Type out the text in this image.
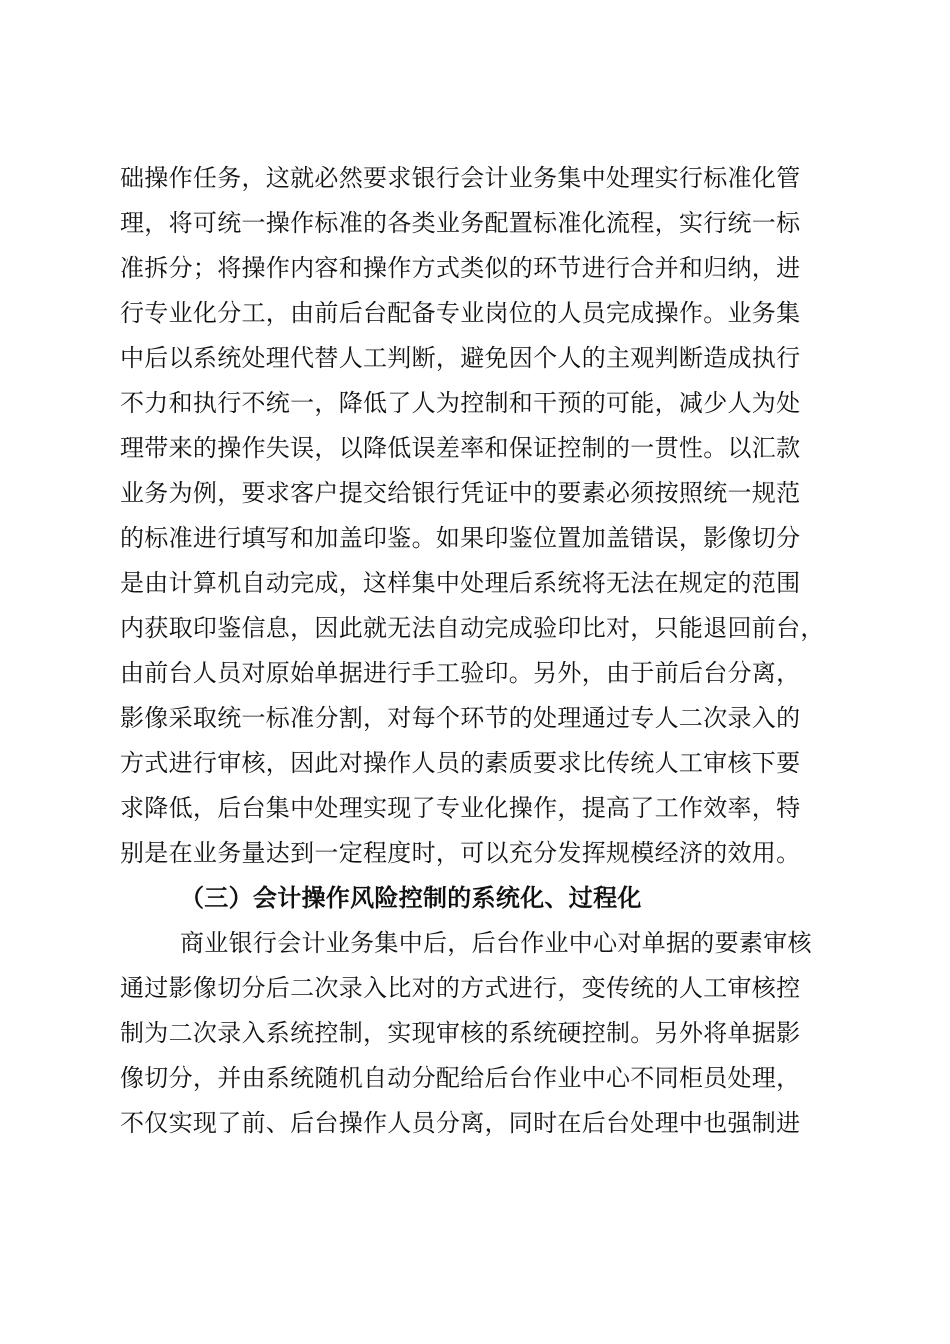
础操作任务，这就必然要求银行会计业务集中处理实行标准化管
理，将可统一操作标准的各类业务配置标准化流程，实行统一标
准拆分；将操作内容和操作方式类似的环节进行合并和归纳，进
行专业化分工，由前后台配备专业岗位的人员完成操作。业务集
中后以系统处理代替人工判断，避免因个人的主观判断造成执行
不力和执行不统一，降低了人为控制和干预的可能，减少人为处
理带来的操作失误，以降低误差率和保证控制的一贯性。以汇款
业务为例，要求客户提交给银行凭证中的要素必须按照统一规范
的标准进行填写和加盖印鉴。如果印鉴位置加盖错误，影像切分
是由计算机自动完成，这样集中处理后系统将无法在规定的范围
内获取印鉴信息，因此就无法自动完成验印比对，只能退回前台，
由前台人员对原始单据进行手工验印。另外，由于前后台分离，
影像采取统一标准分割，对每个环节的处理通过专人二次录入的
方式进行审核，因此对操作人员的素质要求比传统人工审核下要
求降低，后台集中处理实现了专业化操作，提高了工作效率，特
别是在业务量达到一定程度时，可以充分发挥规模经济的效用。
（三）会计操作风险控制的系统化、过程化
商业银行会计业务集中后，后台作业中心对单据的要素审核
通过影像切分后二次录入比对的方式进行，变传统的人工审核控
制为二次录入系统控制，实现审核的系统硬控制。另外将单据影
像切分，并由系统随机自动分配给后台作业中心不同柜员处理，
不仅实现了前、后台操作人员分离，同时在后台处理中也强制进
